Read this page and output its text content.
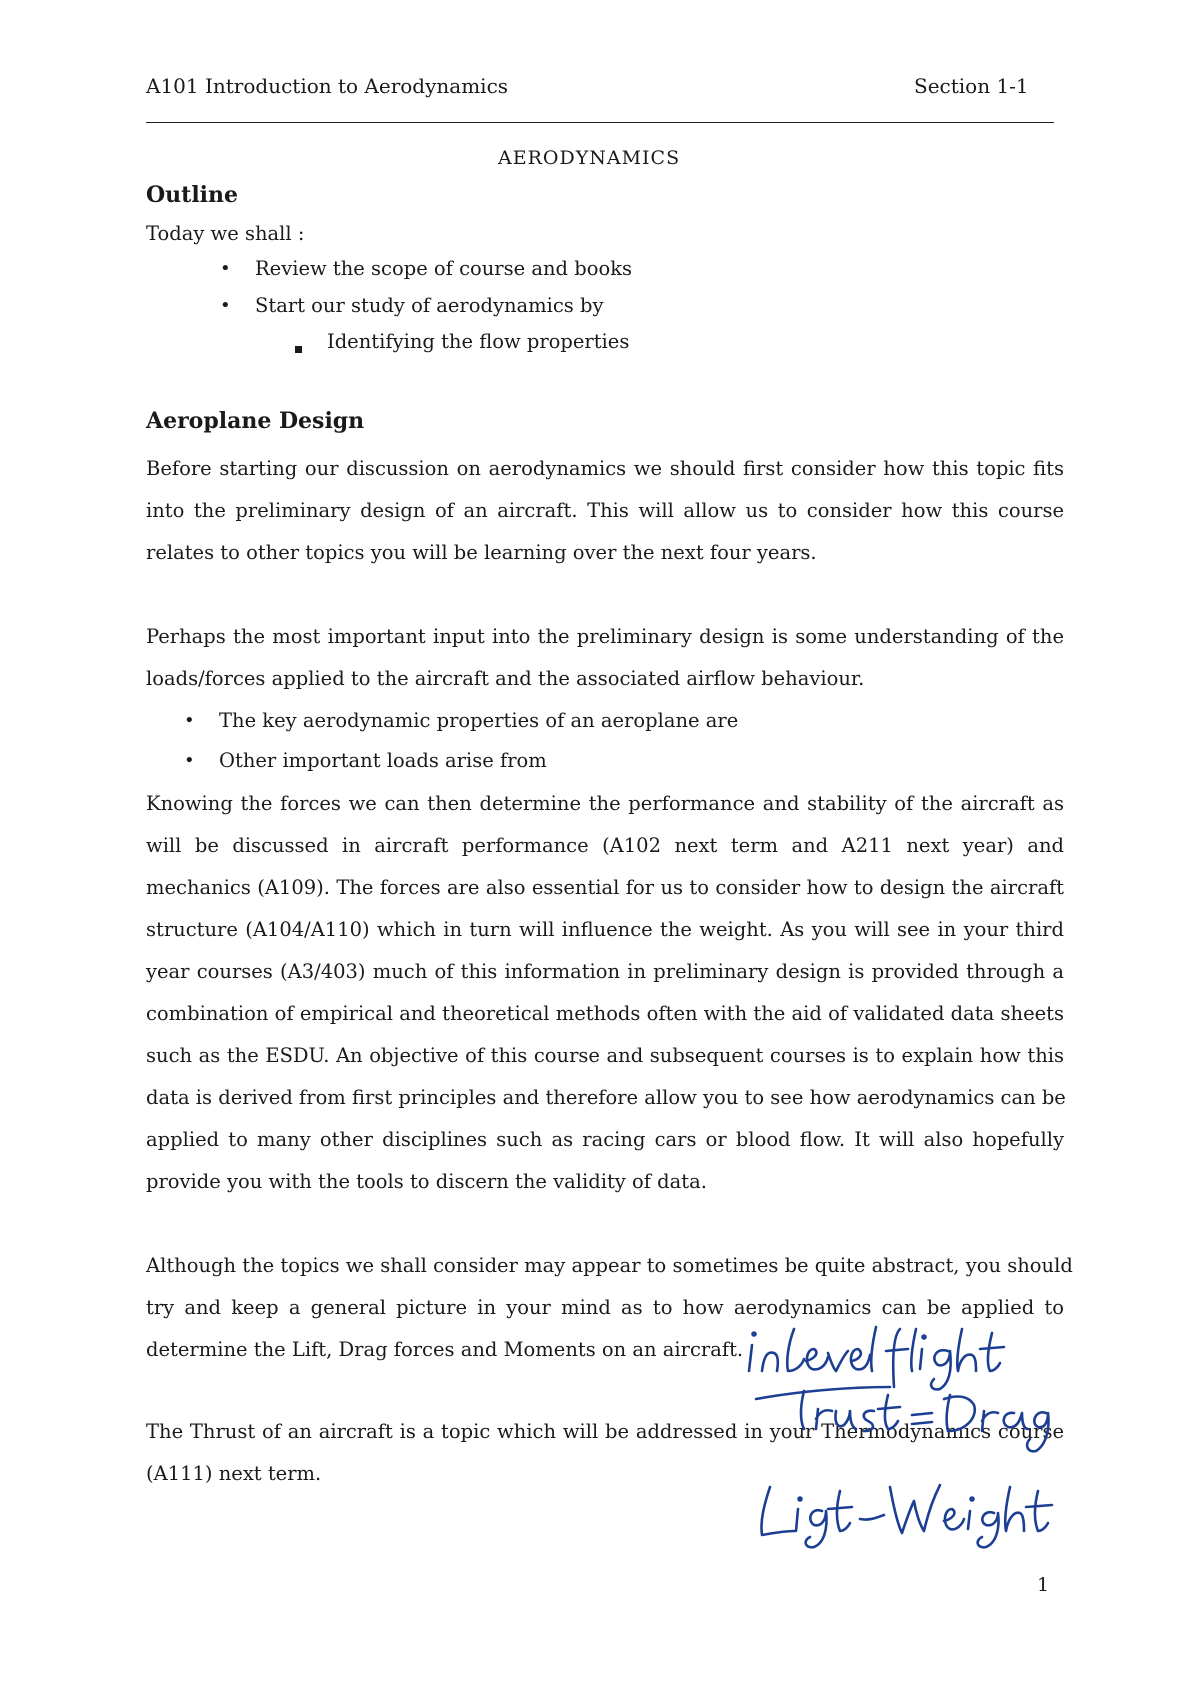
A101 Introduction to Aerodynamics	Section 1-1
AERODYNAMICS
Outline
Today we shall :
• Review the scope of course and books
• Start our study of aerodynamics by
Identifying the flow properties
Aeroplane Design
Before starting our discussion on aerodynamics we should first consider how this topic fits
into the preliminary design of an aircraft. This will allow us to consider how this course
relates to other topics you will be learning over the next four years.
Perhaps the most important input into the preliminary design is some understanding of the
loads/forces applied to the aircraft and the associated airflow behaviour.
• The key aerodynamic properties of an aeroplane are
• Other important loads arise from
Knowing the forces we can then determine the performance and stability of the aircraft as
will be discussed in aircraft performance (A102 next term and A211 next year) and
mechanics (A109). The forces are also essential for us to consider how to design the aircraft
structure (A104/A110) which in turn will influence the weight. As you will see in your third
year courses (A3/403) much of this information in preliminary design is provided through a
combination of empirical and theoretical methods often with the aid of validated data sheets
such as the ESDU. An objective of this course and subsequent courses is to explain how this
data is derived from first principles and therefore allow you to see how aerodynamics can be
applied to many other disciplines such as racing cars or blood flow. It will also hopefully
provide you with the tools to discern the validity of data.
Although the topics we shall consider may appear to sometimes be quite abstract, you should
try and keep a general picture in your mind as to how aerodynamics can be applied to
determine the Lift, Drag forces and Moments on an aircraft.
The Thrust of an aircraft is a topic which will be addressed in your Thermodynamics course
(A111) next term.
1
